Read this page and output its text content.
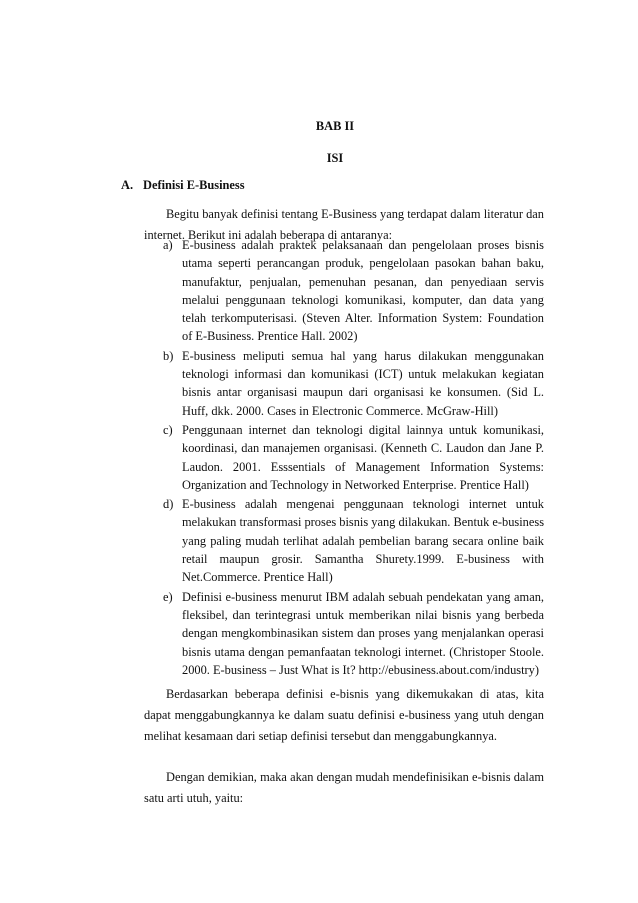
BAB II
ISI
A. Definisi E-Business

Begitu banyak definisi tentang E-Business yang terdapat dalam literatur dan internet. Berikut ini adalah beberapa di antaranya:

a) E-business adalah praktek pelaksanaan dan pengelolaan proses bisnis utama seperti perancangan produk, pengelolaan pasokan bahan baku, manufaktur, penjualan, pemenuhan pesanan, dan penyediaan servis melalui penggunaan teknologi komunikasi, komputer, dan data yang telah terkomputerisasi. (Steven Alter. Information System: Foundation of E-Business. Prentice Hall. 2002)
b) E-business meliputi semua hal yang harus dilakukan menggunakan teknologi informasi dan komunikasi (ICT) untuk melakukan kegiatan bisnis antar organisasi maupun dari organisasi ke konsumen. (Sid L. Huff, dkk. 2000. Cases in Electronic Commerce. McGraw-Hill)
c) Penggunaan internet dan teknologi digital lainnya untuk komunikasi, koordinasi, dan manajemen organisasi. (Kenneth C. Laudon dan Jane P. Laudon. 2001. Esssentials of Management Information Systems: Organization and Technology in Networked Enterprise. Prentice Hall)
d) E-business adalah mengenai penggunaan teknologi internet untuk melakukan transformasi proses bisnis yang dilakukan. Bentuk e-business yang paling mudah terlihat adalah pembelian barang secara online baik retail maupun grosir. Samantha Shurety.1999. E-business with Net.Commerce. Prentice Hall)
e) Definisi e-business menurut IBM adalah sebuah pendekatan yang aman, fleksibel, dan terintegrasi untuk memberikan nilai bisnis yang berbeda dengan mengkombinasikan sistem dan proses yang menjalankan operasi bisnis utama dengan pemanfaatan teknologi internet. (Christoper Stoole. 2000. E-business – Just What is It? http://ebusiness.about.com/industry)

Berdasarkan beberapa definisi e-bisnis yang dikemukakan di atas, kita dapat menggabungkannya ke dalam suatu definisi e-business yang utuh dengan melihat kesamaan dari setiap definisi tersebut dan menggabungkannya.

Dengan demikian, maka akan dengan mudah mendefinisikan e-bisnis dalam satu arti utuh, yaitu:
